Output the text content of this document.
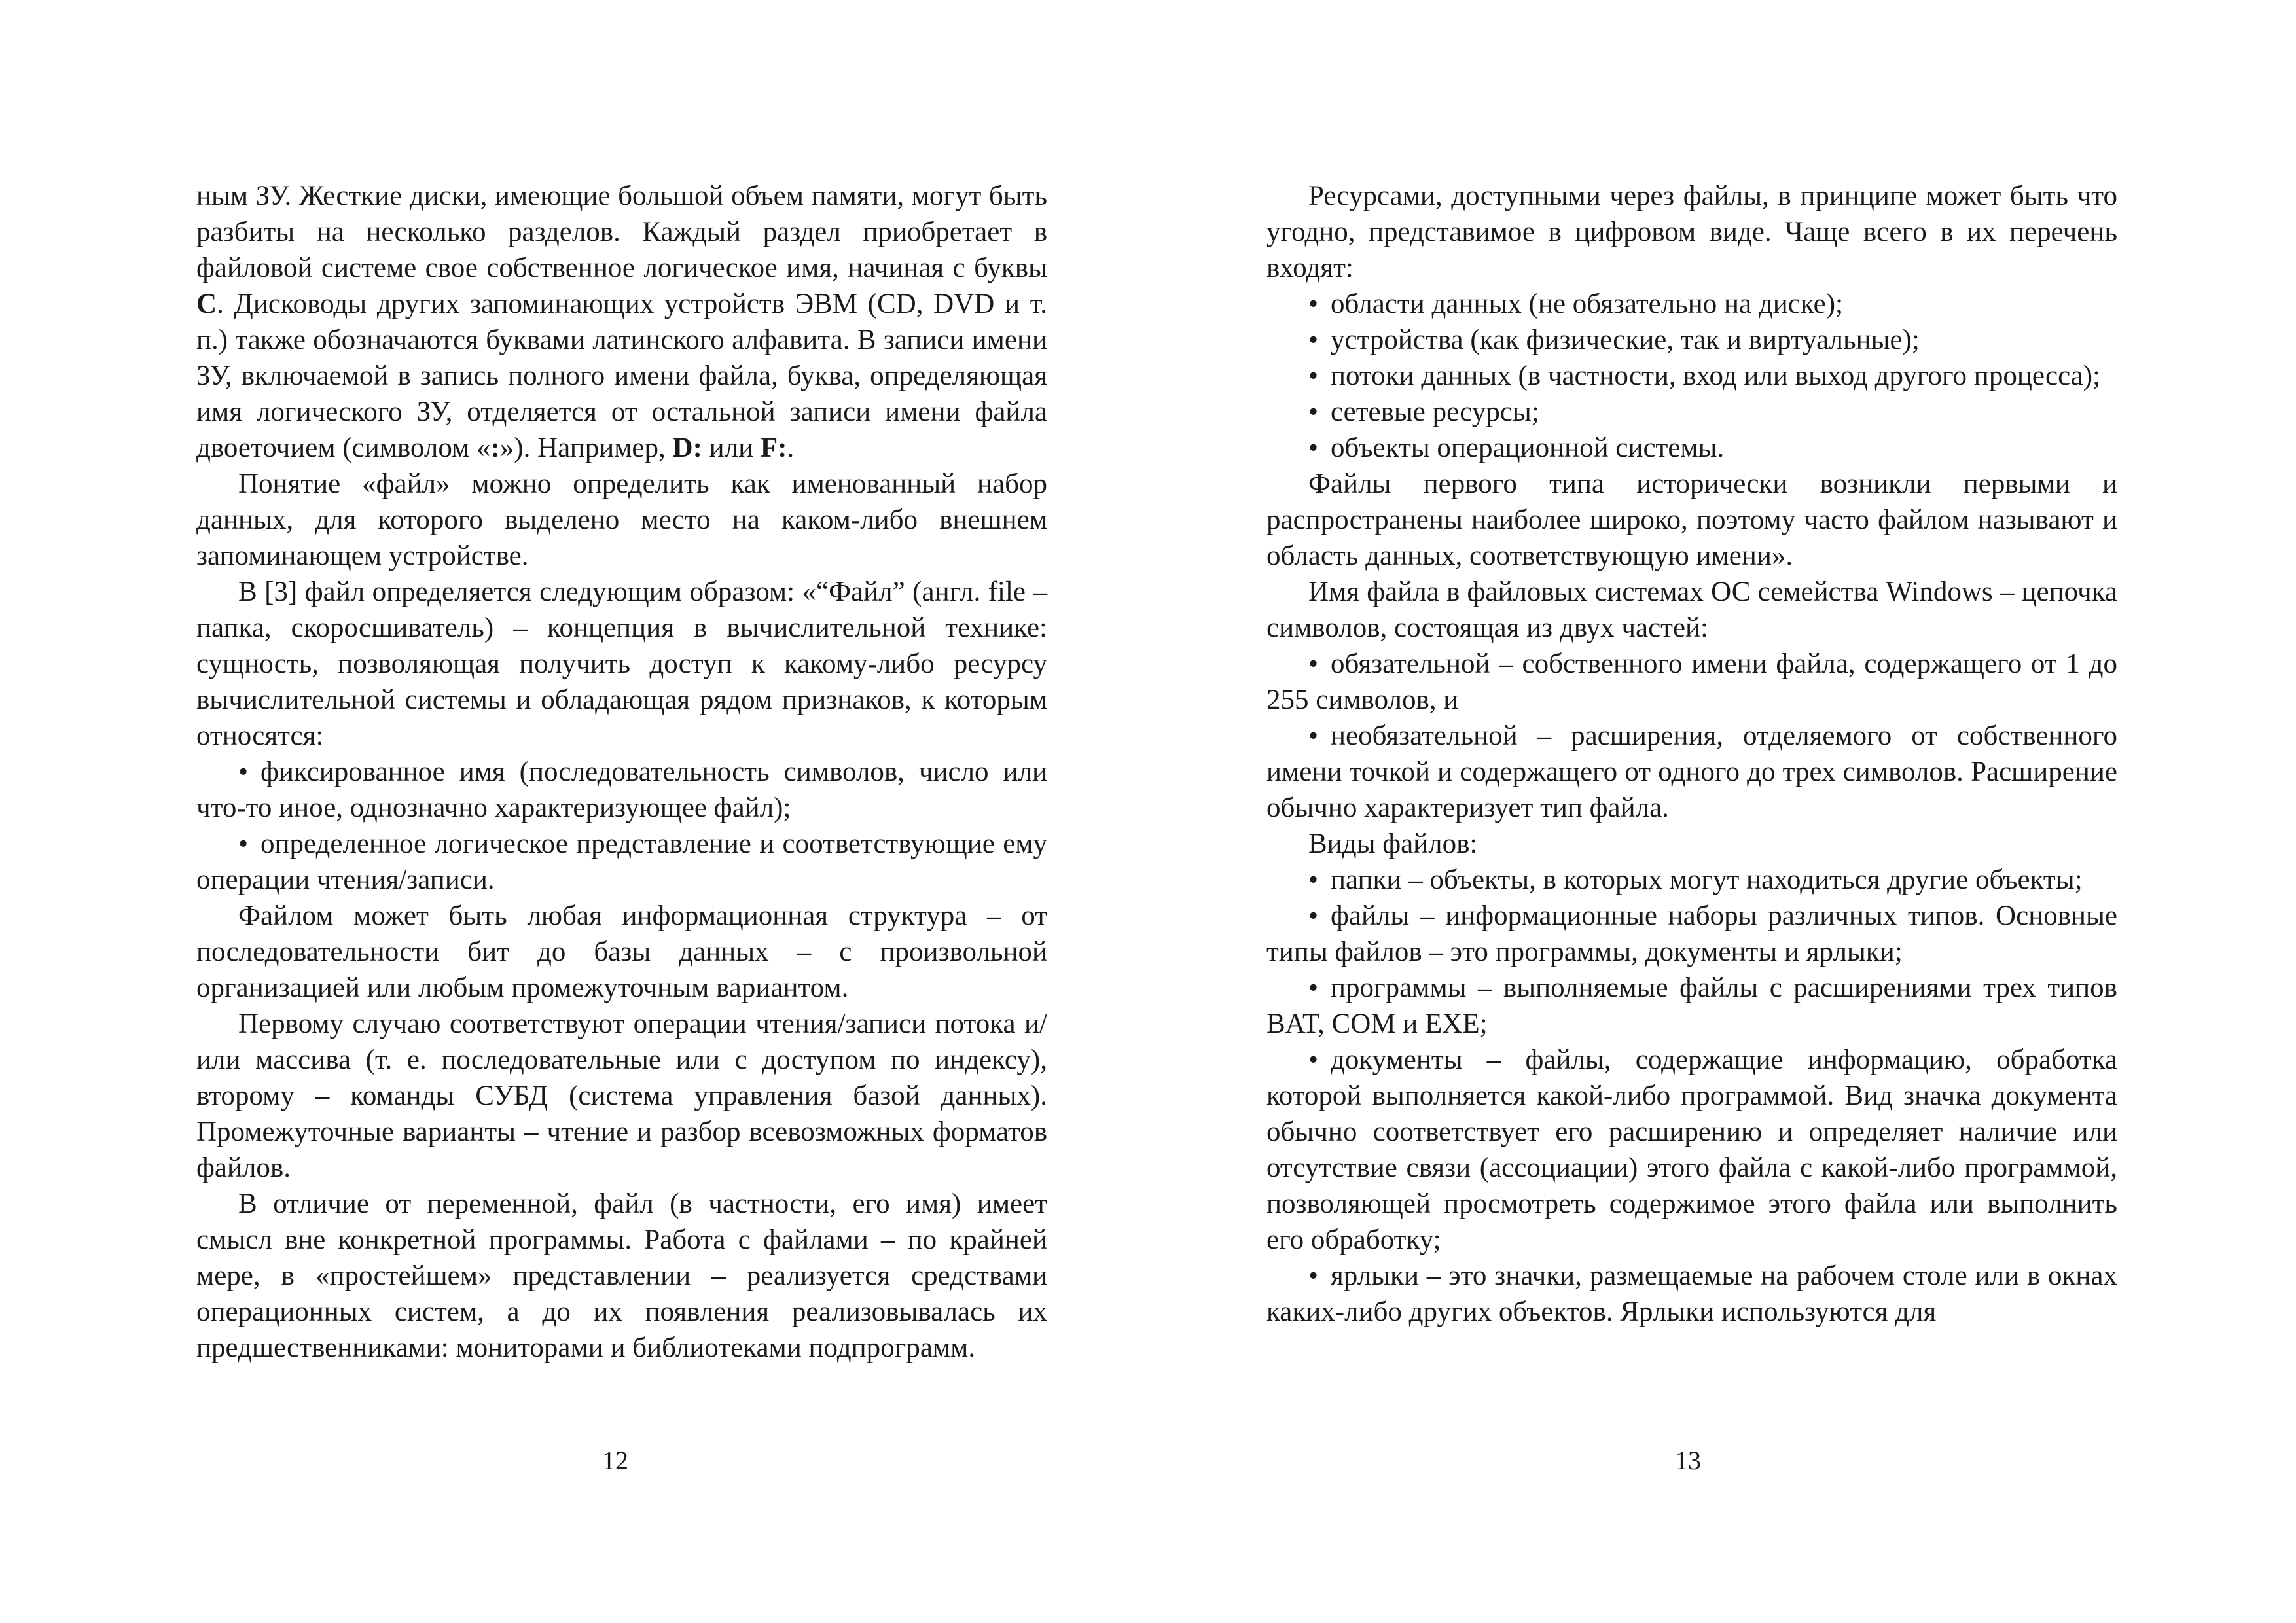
ным ЗУ. Жесткие диски, имеющие большой объем памяти, могут быть разбиты на несколько разделов. Каждый раздел приобретает в файловой системе свое собственное логическое имя, начиная с буквы C. Дисководы других запоминающих устройств ЭВМ (CD, DVD и т. п.) также обозначаются буквами латинского алфавита. В записи имени ЗУ, включаемой в запись полного имени файла, буква, определяющая имя логического ЗУ, отделяется от остальной записи имени файла двоеточием (символом «:»). Например, D: или F:.

Понятие «файл» можно определить как именованный набор данных, для которого выделено место на каком-либо внешнем запоминающем устройстве.

В [3] файл определяется следующим образом: «“Файл” (англ. file – папка, скоросшиватель) – концепция в вычислительной технике: сущность, позволяющая получить доступ к какому-либо ресурсу вычислительной системы и обладающая рядом признаков, к которым относятся:

• фиксированное имя (последовательность символов, число или что-то иное, однозначно характеризующее файл);

• определенное логическое представление и соответствующие ему операции чтения/записи.

Файлом может быть любая информационная структура – от последовательности бит до базы данных – с произвольной организацией или любым промежуточным вариантом.

Первому случаю соответствуют операции чтения/записи потока и/или массива (т. е. последовательные или с доступом по индексу), второму – команды СУБД (система управления базой данных). Промежуточные варианты – чтение и разбор всевозможных форматов файлов.

В отличие от переменной, файл (в частности, его имя) имеет смысл вне конкретной программы. Работа с файлами – по крайней мере, в «простейшем» представлении – реализуется средствами операционных систем, а до их появления реализовывалась их предшественниками: мониторами и библиотеками подпрограмм.

12

Ресурсами, доступными через файлы, в принципе может быть что угодно, представимое в цифровом виде. Чаще всего в их перечень входят:

• области данных (не обязательно на диске);

• устройства (как физические, так и виртуальные);

• потоки данных (в частности, вход или выход другого процесса);

• сетевые ресурсы;

• объекты операционной системы.

Файлы первого типа исторически возникли первыми и распространены наиболее широко, поэтому часто файлом называют и область данных, соответствующую имени».

Имя файла в файловых системах ОС семейства Windows – цепочка символов, состоящая из двух частей:

• обязательной – собственного имени файла, содержащего от 1 до 255 символов, и

• необязательной – расширения, отделяемого от собственного имени точкой и содержащего от одного до трех символов. Расширение обычно характеризует тип файла.

Виды файлов:

• папки – объекты, в которых могут находиться другие объекты;

• файлы – информационные наборы различных типов. Основные типы файлов – это программы, документы и ярлыки;

• программы – выполняемые файлы с расширениями трех типов BAT, COM и EXE;

• документы – файлы, содержащие информацию, обработка которой выполняется какой-либо программой. Вид значка документа обычно соответствует его расширению и определяет наличие или отсутствие связи (ассоциации) этого файла с какой-либо программой, позволяющей просмотреть содержимое этого файла или выполнить его обработку;

• ярлыки – это значки, размещаемые на рабочем столе или в окнах каких-либо других объектов. Ярлыки используются для

13
